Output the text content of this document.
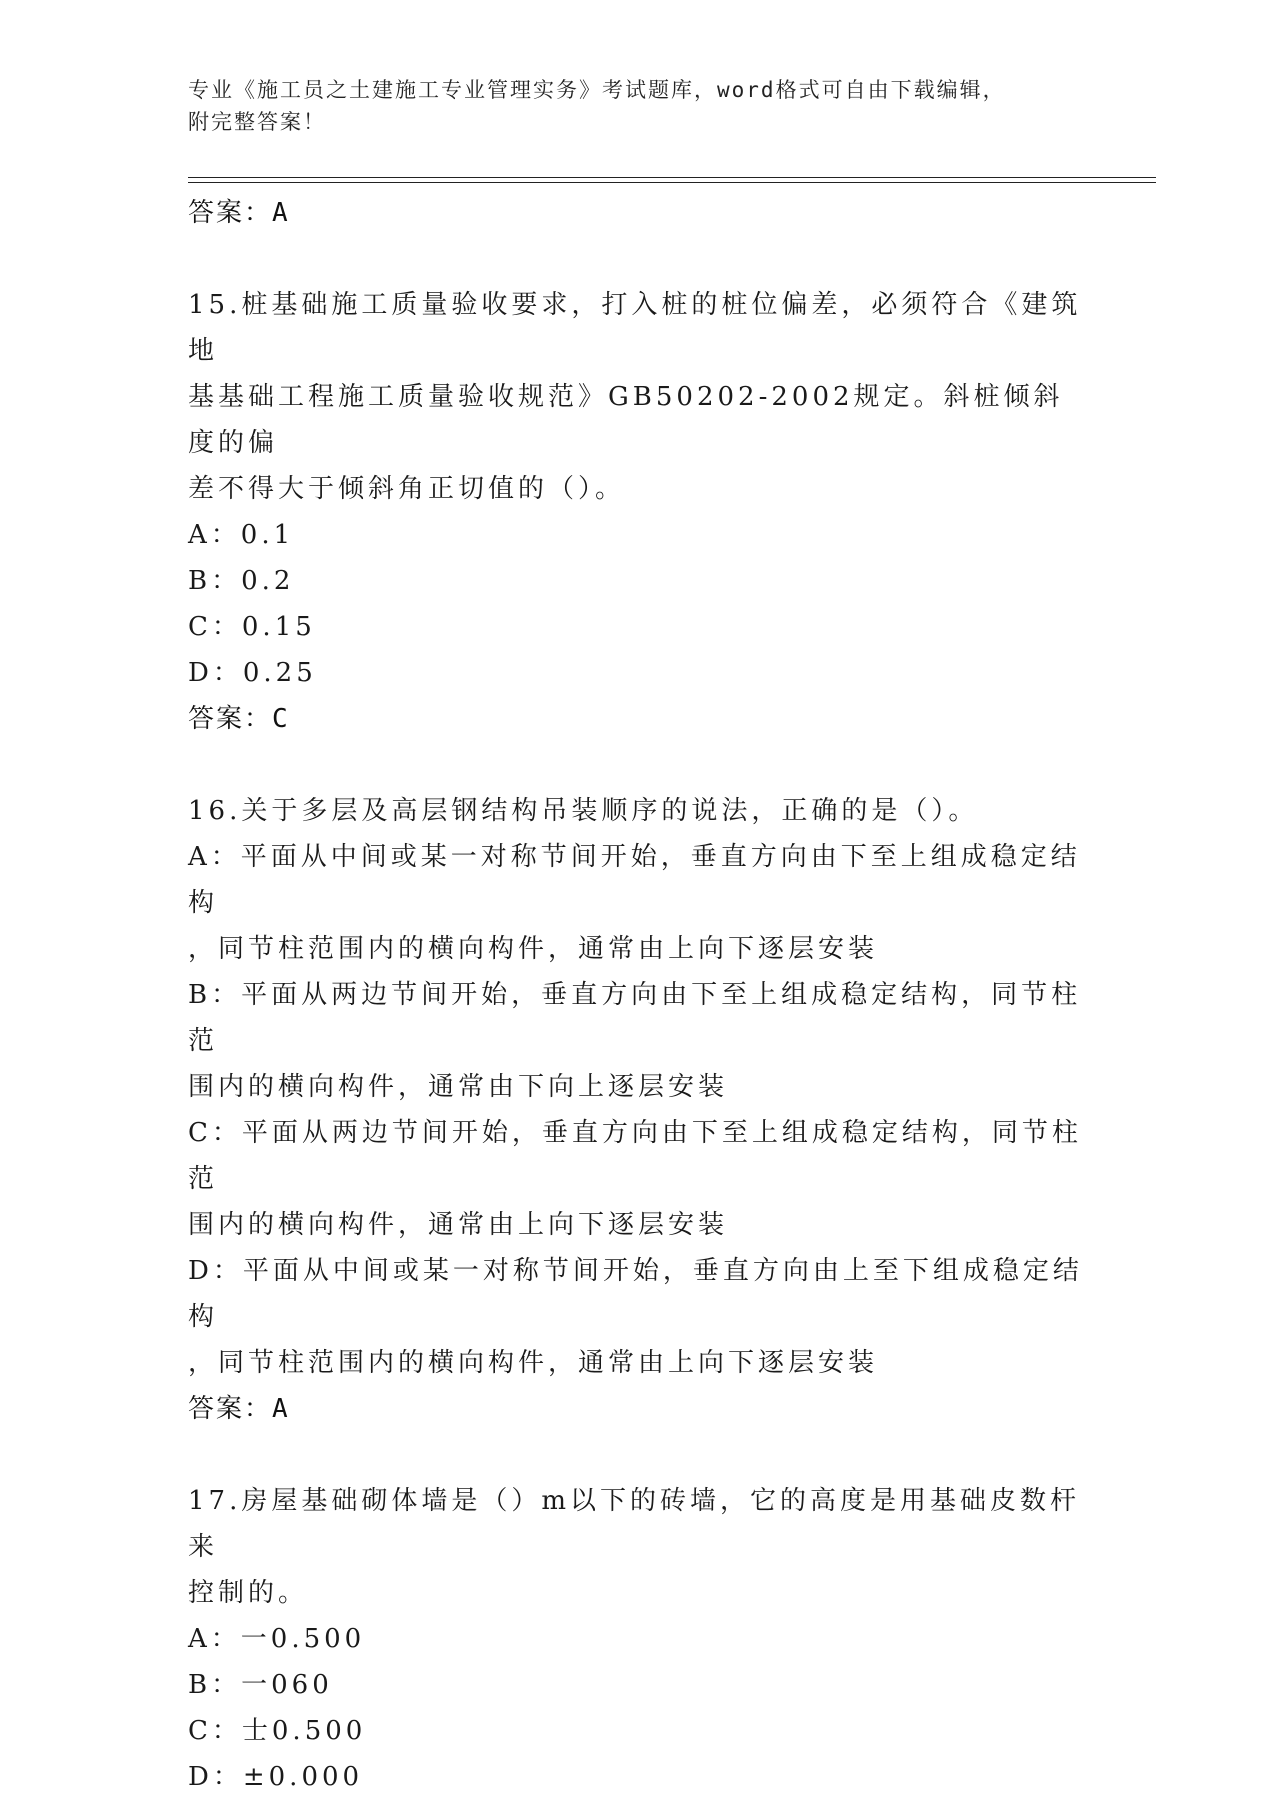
专业《施工员之土建施工专业管理实务》考试题库，word格式可自由下载编辑，
附完整答案！
答案：A
15.桩基础施工质量验收要求，打入桩的桩位偏差，必须符合《建筑地
基基础工程施工质量验收规范》GB50202-2002规定。斜桩倾斜度的偏
差不得大于倾斜角正切值的（）。
A：0.1
B：0.2
C：0.15
D：0.25
答案：C
16.关于多层及高层钢结构吊装顺序的说法，正确的是（）。
A：平面从中间或某一对称节间开始，垂直方向由下至上组成稳定结构
，同节柱范围内的横向构件，通常由上向下逐层安装
B：平面从两边节间开始，垂直方向由下至上组成稳定结构，同节柱范
围内的横向构件，通常由下向上逐层安装
C：平面从两边节间开始，垂直方向由下至上组成稳定结构，同节柱范
围内的横向构件，通常由上向下逐层安装
D：平面从中间或某一对称节间开始，垂直方向由上至下组成稳定结构
，同节柱范围内的横向构件，通常由上向下逐层安装
答案：A
17.房屋基础砌体墙是（）m以下的砖墙，它的高度是用基础皮数杆来
控制的。
A：一0.500
B：一060
C：士0.500
D：±0.000
